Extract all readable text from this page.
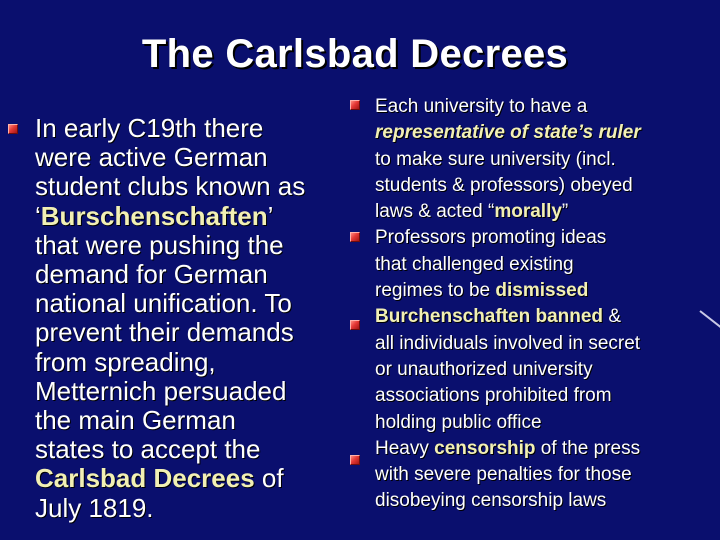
The Carlsbad Decrees
In early C19th there
were active German
student clubs known as
‘Burschenschaften’
that were pushing the
demand for German
national unification. To
prevent their demands
from spreading,
Metternich persuaded
the main German
states to accept the
Carlsbad Decrees of
July 1819.
Each university to have a
representative of state’s ruler
to make sure university (incl.
students & professors) obeyed
laws & acted “morally”
Professors promoting ideas
that challenged existing
regimes to be dismissed
Burchenschaften banned &
all individuals involved in secret
or unauthorized university
associations prohibited from
holding public office
Heavy censorship of the press
with severe penalties for those
disobeying censorship laws
